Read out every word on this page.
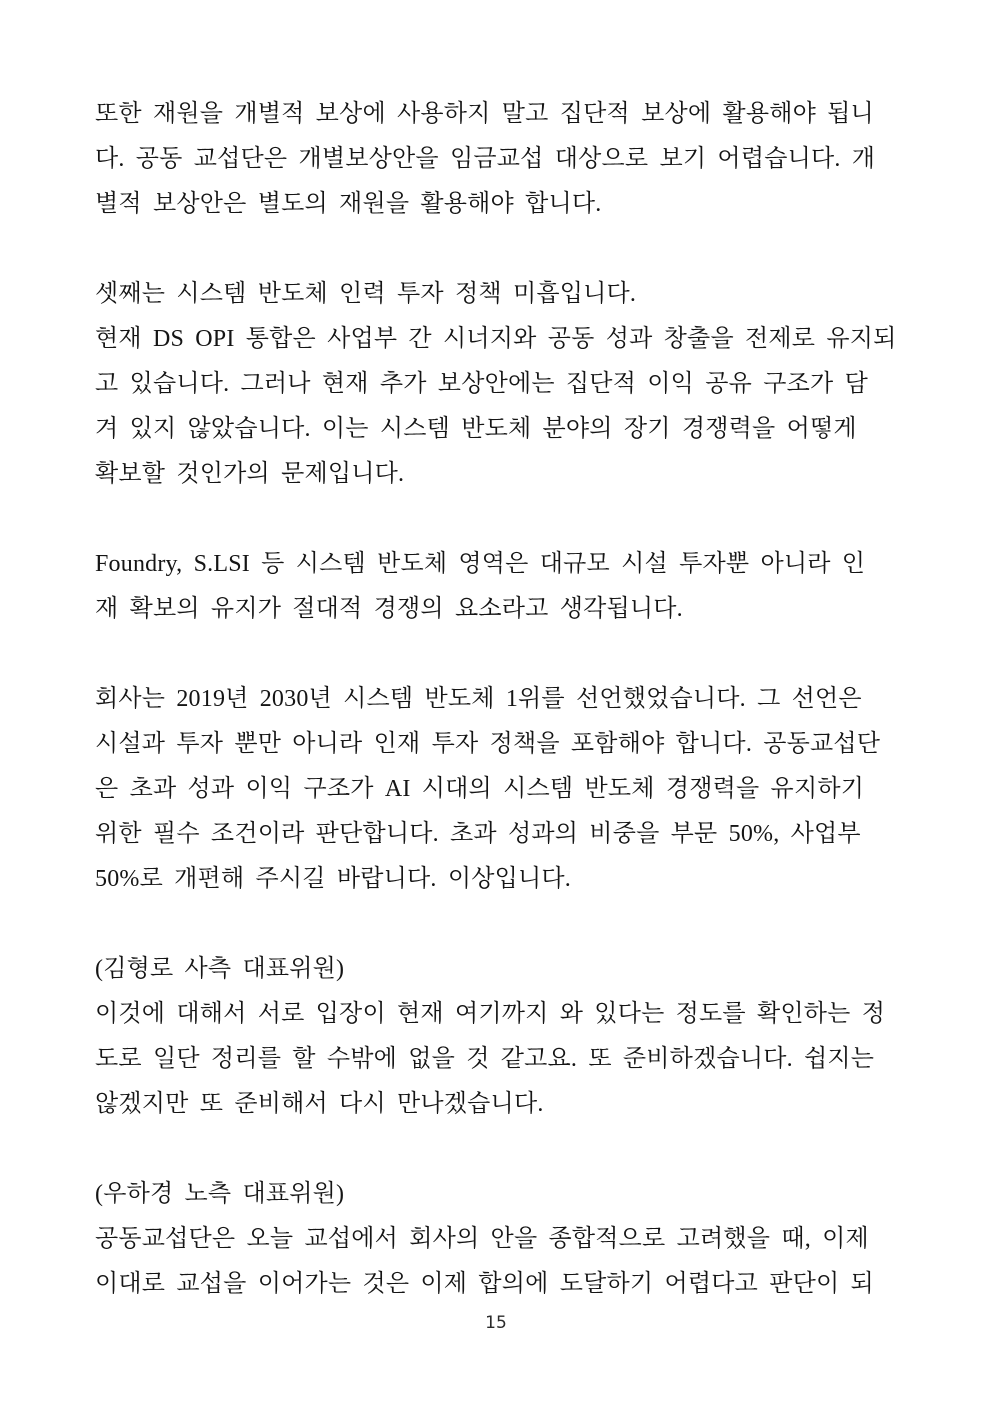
또한 재원을 개별적 보상에 사용하지 말고 집단적 보상에 활용해야 됩니
다. 공동 교섭단은 개별보상안을 임금교섭 대상으로 보기 어렵습니다. 개
별적 보상안은 별도의 재원을 활용해야 합니다.
셋째는 시스템 반도체 인력 투자 정책 미흡입니다.
현재 DS OPI 통합은 사업부 간 시너지와 공동 성과 창출을 전제로 유지되
고 있습니다. 그러나 현재 추가 보상안에는 집단적 이익 공유 구조가 담
겨 있지 않았습니다. 이는 시스템 반도체 분야의 장기 경쟁력을 어떻게
확보할 것인가의 문제입니다.
Foundry, S.LSI 등 시스템 반도체 영역은 대규모 시설 투자뿐 아니라 인
재 확보의 유지가 절대적 경쟁의 요소라고 생각됩니다.
회사는 2019년 2030년 시스템 반도체 1위를 선언했었습니다. 그 선언은
시설과 투자 뿐만 아니라 인재 투자 정책을 포함해야 합니다. 공동교섭단
은 초과 성과 이익 구조가 AI 시대의 시스템 반도체 경쟁력을 유지하기
위한 필수 조건이라 판단합니다. 초과 성과의 비중을 부문 50%, 사업부
50%로 개편해 주시길 바랍니다. 이상입니다.
(김형로 사측 대표위원)
이것에 대해서 서로 입장이 현재 여기까지 와 있다는 정도를 확인하는 정
도로 일단 정리를 할 수밖에 없을 것 같고요. 또 준비하겠습니다. 쉽지는
않겠지만 또 준비해서 다시 만나겠습니다.
(우하경 노측 대표위원)
공동교섭단은 오늘 교섭에서 회사의 안을 종합적으로 고려했을 때, 이제
이대로 교섭을 이어가는 것은 이제 합의에 도달하기 어렵다고 판단이 되
15
